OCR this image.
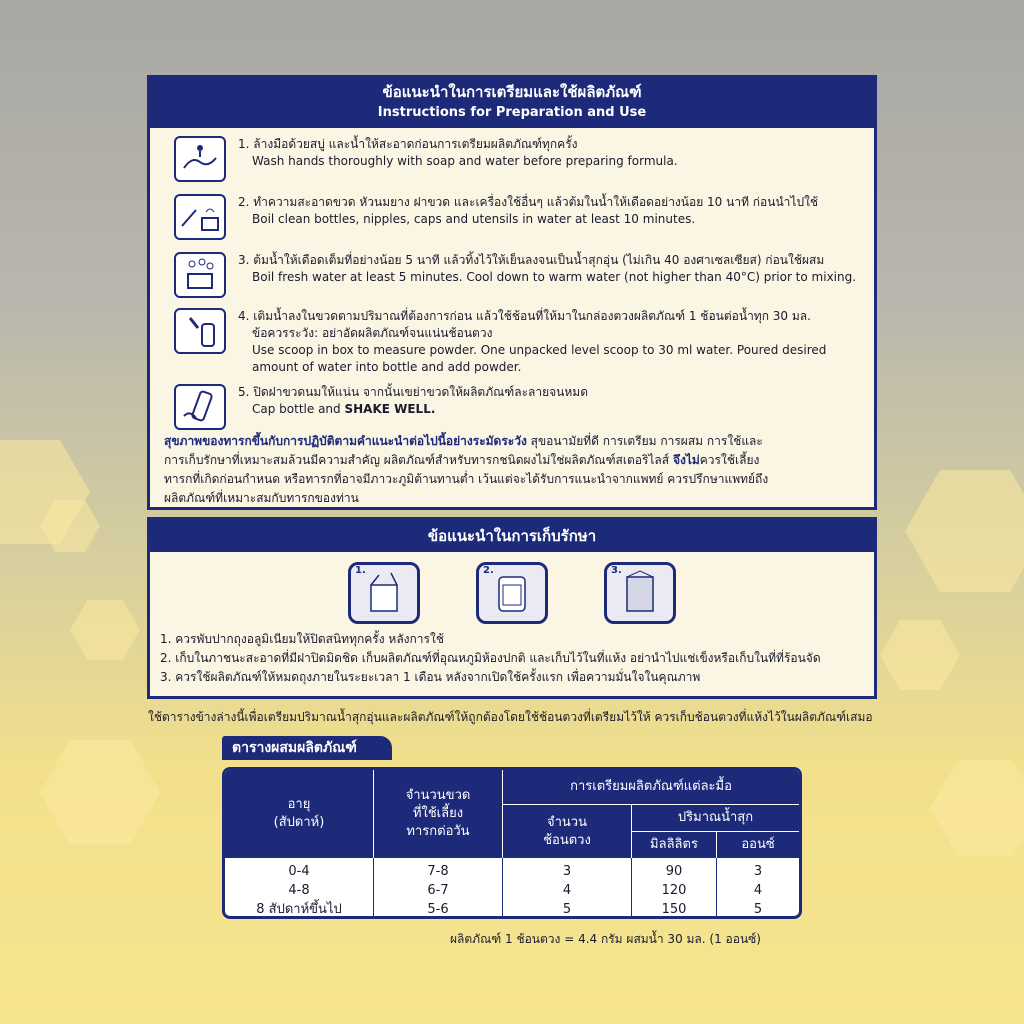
ข้อแนะนำในการเตรียมและใช้ผลิตภัณฑ์
Instructions for Preparation and Use
1. ล้างมือด้วยสบู่ และน้ำให้สะอาดก่อนการเตรียมผลิตภัณฑ์ทุกครั้ง
Wash hands thoroughly with soap and water before preparing formula.
2. ทำความสะอาดขวด หัวนมยาง ฝาขวด และเครื่องใช้อื่นๆ แล้วต้มในน้ำให้เดือดอย่างน้อย 10 นาที ก่อนนำไปใช้
Boil clean bottles, nipples, caps and utensils in water at least 10 minutes.
3. ต้มน้ำให้เดือดเต็มที่อย่างน้อย 5 นาที แล้วทิ้งไว้ให้เย็นลงจนเป็นน้ำสุกอุ่น (ไม่เกิน 40 องศาเซลเซียส) ก่อนใช้ผสม
Boil fresh water at least 5 minutes. Cool down to warm water (not higher than 40°C) prior to mixing.
4. เติมน้ำลงในขวดตามปริมาณที่ต้องการก่อน แล้วใช้ช้อนที่ให้มาในกล่องตวงผลิตภัณฑ์ 1 ช้อนต่อน้ำทุก 30 มล.
ข้อควรระวัง: อย่าอัดผลิตภัณฑ์จนแน่นช้อนตวง
Use scoop in box to measure powder. One unpacked level scoop to 30 ml water. Poured desired
amount of water into bottle and add powder.
5. ปิดฝาขวดนมให้แน่น จากนั้นเขย่าขวดให้ผลิตภัณฑ์ละลายจนหมด
Cap bottle and SHAKE WELL.
สุขภาพของทารกขึ้นกับการปฏิบัติตามคำแนะนำต่อไปนี้อย่างระมัดระวัง สุขอนามัยที่ดี การเตรียม การผสม การใช้และ
การเก็บรักษาที่เหมาะสมล้วนมีความสำคัญ ผลิตภัณฑ์สำหรับทารกชนิดผงไม่ใช่ผลิตภัณฑ์สเตอริไลส์ จึงไม่ควรใช้เลี้ยง
ทารกที่เกิดก่อนกำหนด หรือทารกที่อาจมีภาวะภูมิต้านทานต่ำ เว้นแต่จะได้รับการแนะนำจากแพทย์ ควรปรึกษาแพทย์ถึง
ผลิตภัณฑ์ที่เหมาะสมกับทารกของท่าน
ข้อแนะนำในการเก็บรักษา
1.	2.	3.
1. ควรพับปากถุงอลูมิเนียมให้ปิดสนิททุกครั้ง หลังการใช้
2. เก็บในภาชนะสะอาดที่มีฝาปิดมิดชิด เก็บผลิตภัณฑ์ที่อุณหภูมิห้องปกติ และเก็บไว้ในที่แห้ง อย่านำไปแช่เข็งหรือเก็บในที่ที่ร้อนจัด
3. ควรใช้ผลิตภัณฑ์ให้หมดถุงภายในระยะเวลา 1 เดือน หลังจากเปิดใช้ครั้งแรก เพื่อความมั่นใจในคุณภาพ
ใช้ตารางข้างล่างนี้เพื่อเตรียมปริมาณน้ำสุกอุ่นและผลิตภัณฑ์ให้ถูกต้องโดยใช้ช้อนตวงที่เตรียมไว้ให้ ควรเก็บช้อนตวงที่แห้งไว้ในผลิตภัณฑ์เสมอ
ตารางผสมผลิตภัณฑ์
อายุ
(สัปดาห์)
จำนวนขวด
ที่ใช้เลี้ยง
ทารกต่อวัน
การเตรียมผลิตภัณฑ์แต่ละมื้อ
จำนวน
ช้อนตวง
ปริมาณน้ำสุก
มิลลิลิตร	ออนซ์
0-4	7-8	3	90	3
4-8	6-7	4	120	4
8 สัปดาห์ขึ้นไป	5-6	5	150	5
ผลิตภัณฑ์ 1 ช้อนตวง = 4.4 กรัม ผสมน้ำ 30 มล. (1 ออนซ์)
